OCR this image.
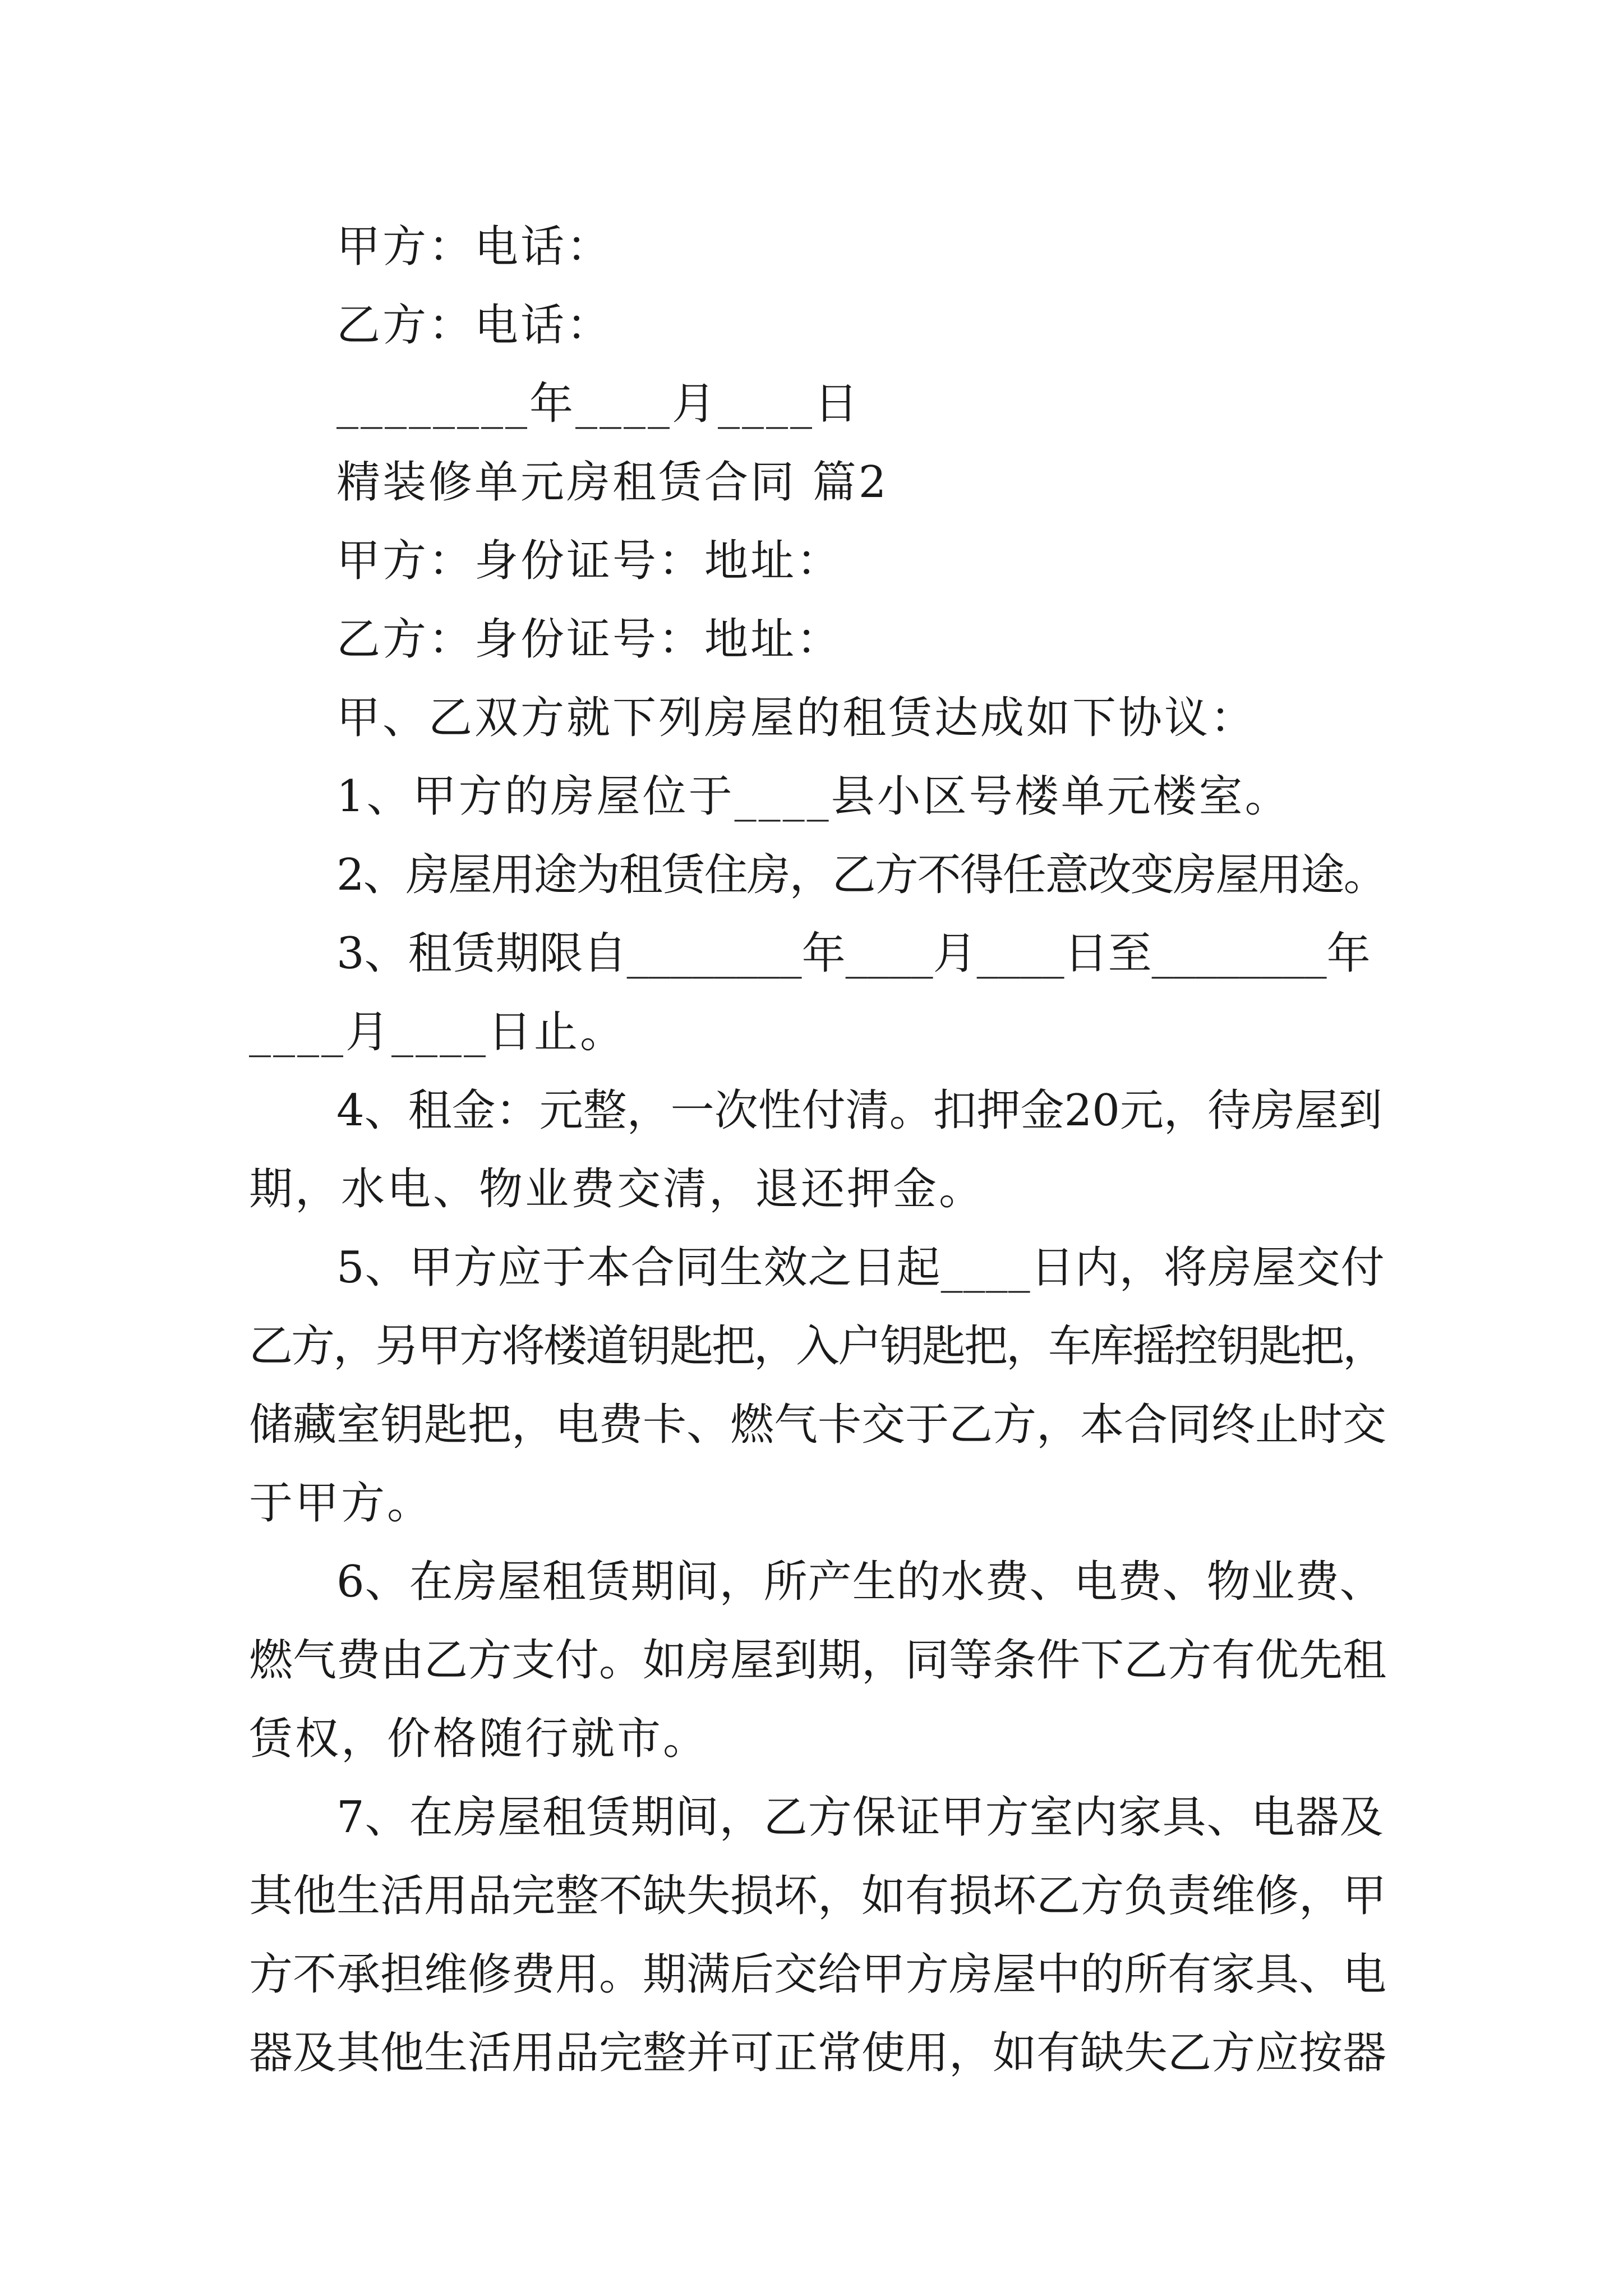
甲方：电话：
乙方：电话：
________年____月____日
精装修单元房租赁合同 篇2
甲方：身份证号：地址：
乙方：身份证号：地址：
甲、乙双方就下列房屋的租赁达成如下协议：
1、甲方的房屋位于____县小区号楼单元楼室。
2、房屋用途为租赁住房，乙方不得任意改变房屋用途。
3、租赁期限自________年____月____日至________年
____月____日止。
4、租金：元整，一次性付清。扣押金20元，待房屋到
期，水电、物业费交清，退还押金。
5、甲方应于本合同生效之日起____日内，将房屋交付
乙方，另甲方将楼道钥匙把，入户钥匙把，车库摇控钥匙把，
储藏室钥匙把，电费卡、燃气卡交于乙方，本合同终止时交
于甲方。
6、在房屋租赁期间，所产生的水费、电费、物业费、
燃气费由乙方支付。如房屋到期，同等条件下乙方有优先租
赁权，价格随行就市。
7、在房屋租赁期间，乙方保证甲方室内家具、电器及
其他生活用品完整不缺失损坏，如有损坏乙方负责维修，甲
方不承担维修费用。期满后交给甲方房屋中的所有家具、电
器及其他生活用品完整并可正常使用，如有缺失乙方应按器
